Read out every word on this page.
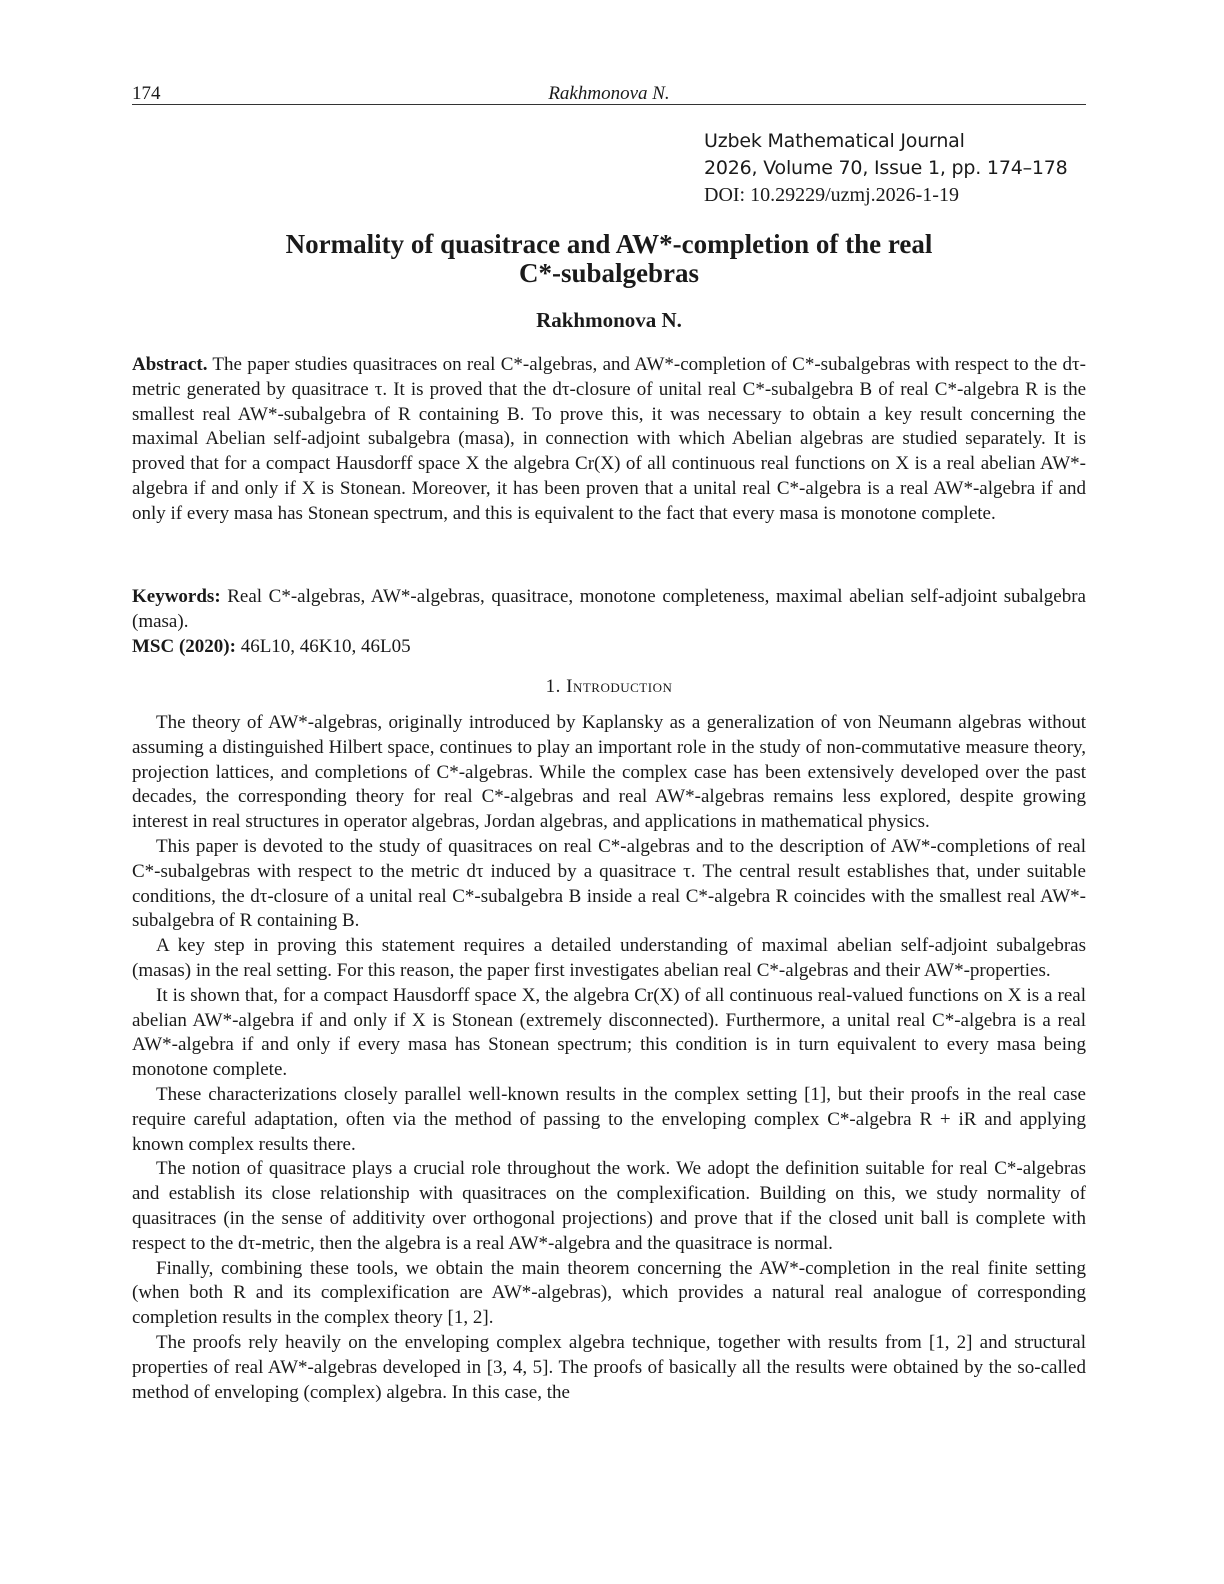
174	Rakhmonova N.
Uzbek Mathematical Journal
2026, Volume 70, Issue 1, pp. 174–178
DOI: 10.29229/uzmj.2026-1-19
Normality of quasitrace and AW*-completion of the real
C*-subalgebras
Rakhmonova N.
Abstract. The paper studies quasitraces on real C*-algebras, and AW*-completion of C*-subalgebras with respect to the dτ-metric generated by quasitrace τ. It is proved that the dτ-closure of unital real C*-subalgebra B of real C*-algebra R is the smallest real AW*-subalgebra of R containing B. To prove this, it was necessary to obtain a key result concerning the maximal Abelian self-adjoint subalgebra (masa), in connection with which Abelian algebras are studied separately. It is proved that for a compact Hausdorff space X the algebra Cr(X) of all continuous real functions on X is a real abelian AW*-algebra if and only if X is Stonean. Moreover, it has been proven that a unital real C*-algebra is a real AW*-algebra if and only if every masa has Stonean spectrum, and this is equivalent to the fact that every masa is monotone complete.
Keywords: Real C*-algebras, AW*-algebras, quasitrace, monotone completeness, maximal abelian self-adjoint subalgebra (masa).
MSC (2020): 46L10, 46K10, 46L05
1. Introduction

The theory of AW*-algebras, originally introduced by Kaplansky as a generalization of von Neumann algebras without assuming a distinguished Hilbert space, continues to play an important role in the study of non-commutative measure theory, projection lattices, and completions of C*-algebras. While the complex case has been extensively developed over the past decades, the corresponding theory for real C*-algebras and real AW*-algebras remains less explored, despite growing interest in real structures in operator algebras, Jordan algebras, and applications in mathematical physics.

This paper is devoted to the study of quasitraces on real C*-algebras and to the description of AW*-completions of real C*-subalgebras with respect to the metric dτ induced by a quasitrace τ. The central result establishes that, under suitable conditions, the dτ-closure of a unital real C*-subalgebra B inside a real C*-algebra R coincides with the smallest real AW*-subalgebra of R containing B.

A key step in proving this statement requires a detailed understanding of maximal abelian self-adjoint subalgebras (masas) in the real setting. For this reason, the paper first investigates abelian real C*-algebras and their AW*-properties.

It is shown that, for a compact Hausdorff space X, the algebra Cr(X) of all continuous real-valued functions on X is a real abelian AW*-algebra if and only if X is Stonean (extremely disconnected). Furthermore, a unital real C*-algebra is a real AW*-algebra if and only if every masa has Stonean spectrum; this condition is in turn equivalent to every masa being monotone complete.

These characterizations closely parallel well-known results in the complex setting [1], but their proofs in the real case require careful adaptation, often via the method of passing to the enveloping complex C*-algebra R + iR and applying known complex results there.

The notion of quasitrace plays a crucial role throughout the work. We adopt the definition suitable for real C*-algebras and establish its close relationship with quasitraces on the complexification. Building on this, we study normality of quasitraces (in the sense of additivity over orthogonal projections) and prove that if the closed unit ball is complete with respect to the dτ-metric, then the algebra is a real AW*-algebra and the quasitrace is normal.

Finally, combining these tools, we obtain the main theorem concerning the AW*-completion in the real finite setting (when both R and its complexification are AW*-algebras), which provides a natural real analogue of corresponding completion results in the complex theory [1, 2].

The proofs rely heavily on the enveloping complex algebra technique, together with results from [1, 2] and structural properties of real AW*-algebras developed in [3, 4, 5]. The proofs of basically all the results were obtained by the so-called method of enveloping (complex) algebra. In this case, the
